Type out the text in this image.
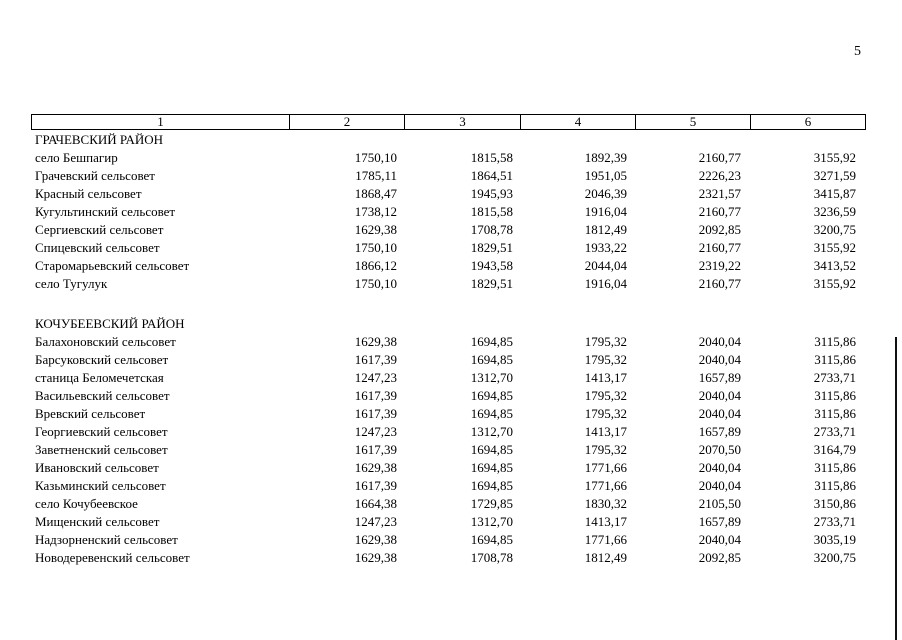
5
1	2	3	4	5	6
ГРАЧЕВСКИЙ РАЙОН
село Бешпагир	1750,10	1815,58	1892,39	2160,77	3155,92
Грачевский сельсовет	1785,11	1864,51	1951,05	2226,23	3271,59
Красный сельсовет	1868,47	1945,93	2046,39	2321,57	3415,87
Кугультинский сельсовет	1738,12	1815,58	1916,04	2160,77	3236,59
Сергиевский сельсовет	1629,38	1708,78	1812,49	2092,85	3200,75
Спицевский сельсовет	1750,10	1829,51	1933,22	2160,77	3155,92
Старомарьевский сельсовет	1866,12	1943,58	2044,04	2319,22	3413,52
село Тугулук	1750,10	1829,51	1916,04	2160,77	3155,92
КОЧУБЕЕВСКИЙ РАЙОН
Балахоновский сельсовет	1629,38	1694,85	1795,32	2040,04	3115,86
Барсуковский сельсовет	1617,39	1694,85	1795,32	2040,04	3115,86
станица Беломечетская	1247,23	1312,70	1413,17	1657,89	2733,71
Васильевский сельсовет	1617,39	1694,85	1795,32	2040,04	3115,86
Вревский сельсовет	1617,39	1694,85	1795,32	2040,04	3115,86
Георгиевский сельсовет	1247,23	1312,70	1413,17	1657,89	2733,71
Заветненский сельсовет	1617,39	1694,85	1795,32	2070,50	3164,79
Ивановский сельсовет	1629,38	1694,85	1771,66	2040,04	3115,86
Казьминский сельсовет	1617,39	1694,85	1771,66	2040,04	3115,86
село Кочубеевское	1664,38	1729,85	1830,32	2105,50	3150,86
Мищенский сельсовет	1247,23	1312,70	1413,17	1657,89	2733,71
Надзорненский сельсовет	1629,38	1694,85	1771,66	2040,04	3035,19
Новодеревенский сельсовет	1629,38	1708,78	1812,49	2092,85	3200,75
